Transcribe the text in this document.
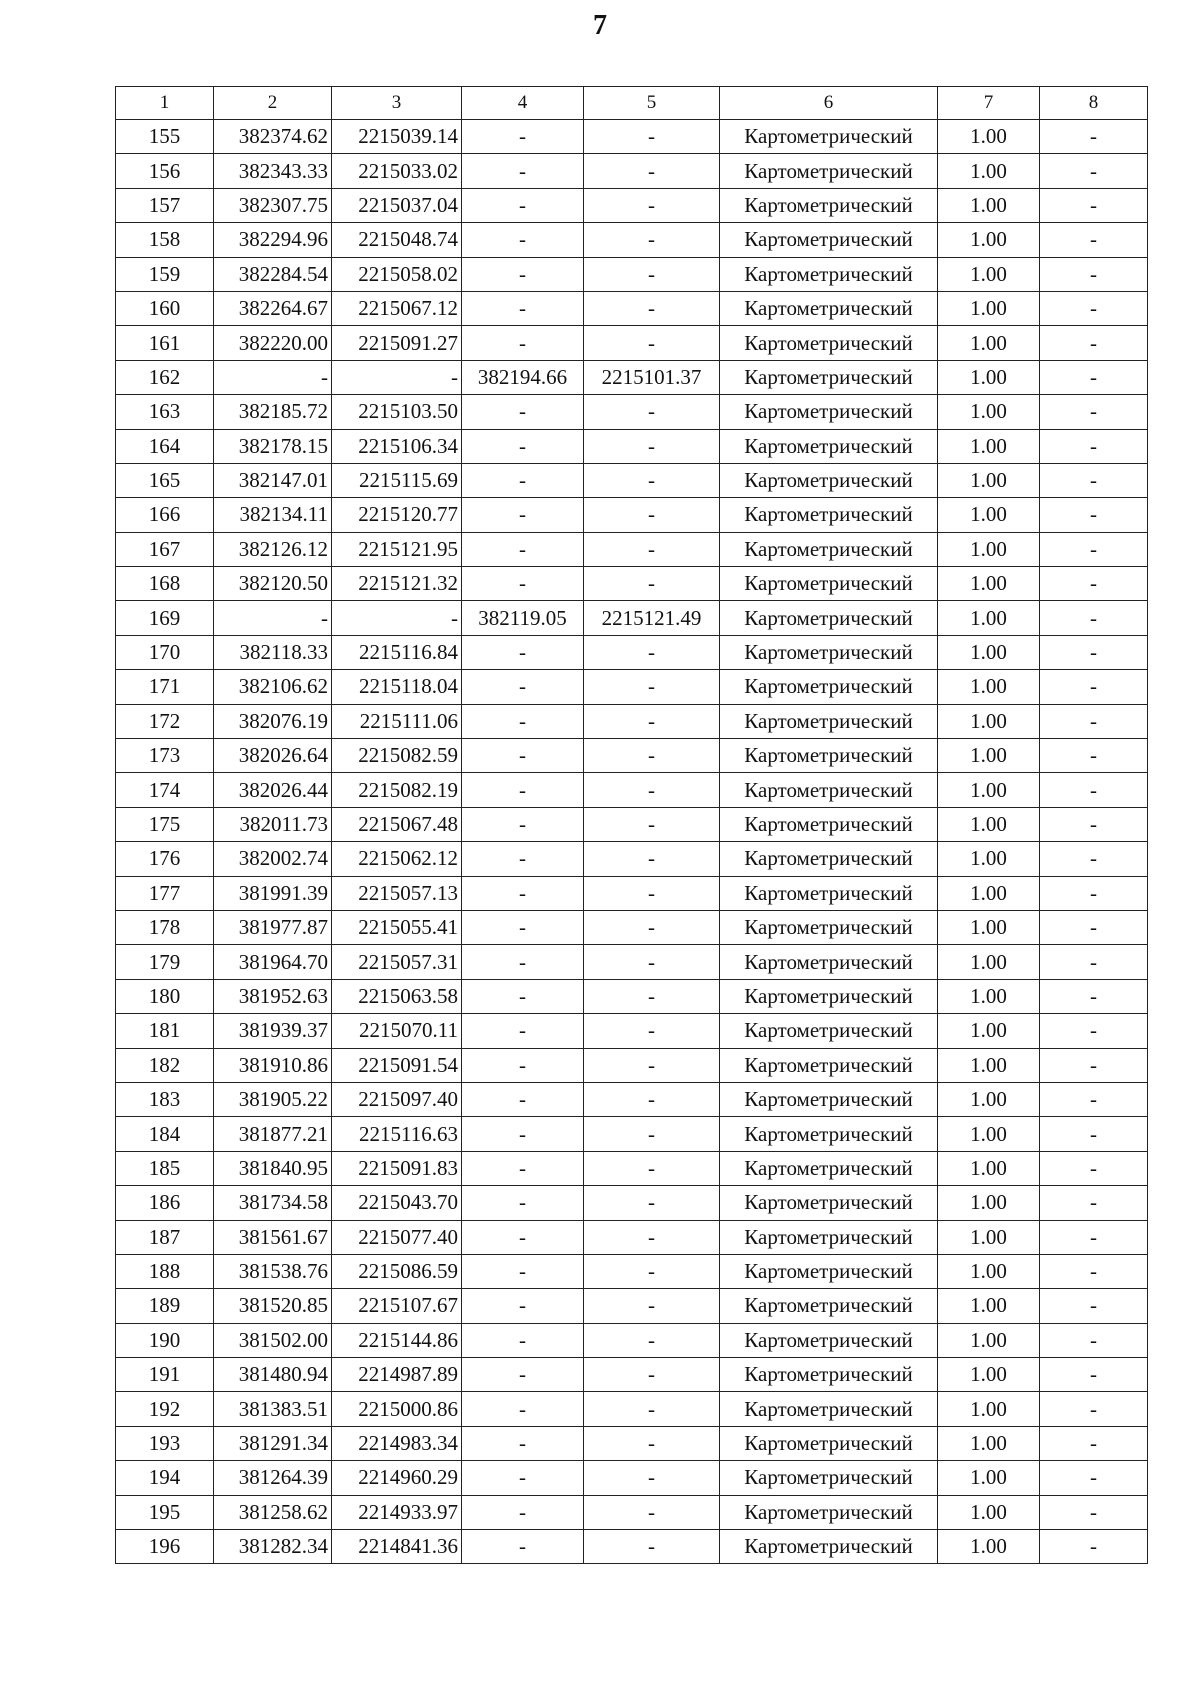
7
1	2	3	4	5	6	7	8
155	382374.62	2215039.14	-	-	Картометрический	1.00	-
156	382343.33	2215033.02	-	-	Картометрический	1.00	-
157	382307.75	2215037.04	-	-	Картометрический	1.00	-
158	382294.96	2215048.74	-	-	Картометрический	1.00	-
159	382284.54	2215058.02	-	-	Картометрический	1.00	-
160	382264.67	2215067.12	-	-	Картометрический	1.00	-
161	382220.00	2215091.27	-	-	Картометрический	1.00	-
162	-	-	382194.66	2215101.37	Картометрический	1.00	-
163	382185.72	2215103.50	-	-	Картометрический	1.00	-
164	382178.15	2215106.34	-	-	Картометрический	1.00	-
165	382147.01	2215115.69	-	-	Картометрический	1.00	-
166	382134.11	2215120.77	-	-	Картометрический	1.00	-
167	382126.12	2215121.95	-	-	Картометрический	1.00	-
168	382120.50	2215121.32	-	-	Картометрический	1.00	-
169	-	-	382119.05	2215121.49	Картометрический	1.00	-
170	382118.33	2215116.84	-	-	Картометрический	1.00	-
171	382106.62	2215118.04	-	-	Картометрический	1.00	-
172	382076.19	2215111.06	-	-	Картометрический	1.00	-
173	382026.64	2215082.59	-	-	Картометрический	1.00	-
174	382026.44	2215082.19	-	-	Картометрический	1.00	-
175	382011.73	2215067.48	-	-	Картометрический	1.00	-
176	382002.74	2215062.12	-	-	Картометрический	1.00	-
177	381991.39	2215057.13	-	-	Картометрический	1.00	-
178	381977.87	2215055.41	-	-	Картометрический	1.00	-
179	381964.70	2215057.31	-	-	Картометрический	1.00	-
180	381952.63	2215063.58	-	-	Картометрический	1.00	-
181	381939.37	2215070.11	-	-	Картометрический	1.00	-
182	381910.86	2215091.54	-	-	Картометрический	1.00	-
183	381905.22	2215097.40	-	-	Картометрический	1.00	-
184	381877.21	2215116.63	-	-	Картометрический	1.00	-
185	381840.95	2215091.83	-	-	Картометрический	1.00	-
186	381734.58	2215043.70	-	-	Картометрический	1.00	-
187	381561.67	2215077.40	-	-	Картометрический	1.00	-
188	381538.76	2215086.59	-	-	Картометрический	1.00	-
189	381520.85	2215107.67	-	-	Картометрический	1.00	-
190	381502.00	2215144.86	-	-	Картометрический	1.00	-
191	381480.94	2214987.89	-	-	Картометрический	1.00	-
192	381383.51	2215000.86	-	-	Картометрический	1.00	-
193	381291.34	2214983.34	-	-	Картометрический	1.00	-
194	381264.39	2214960.29	-	-	Картометрический	1.00	-
195	381258.62	2214933.97	-	-	Картометрический	1.00	-
196	381282.34	2214841.36	-	-	Картометрический	1.00	-
